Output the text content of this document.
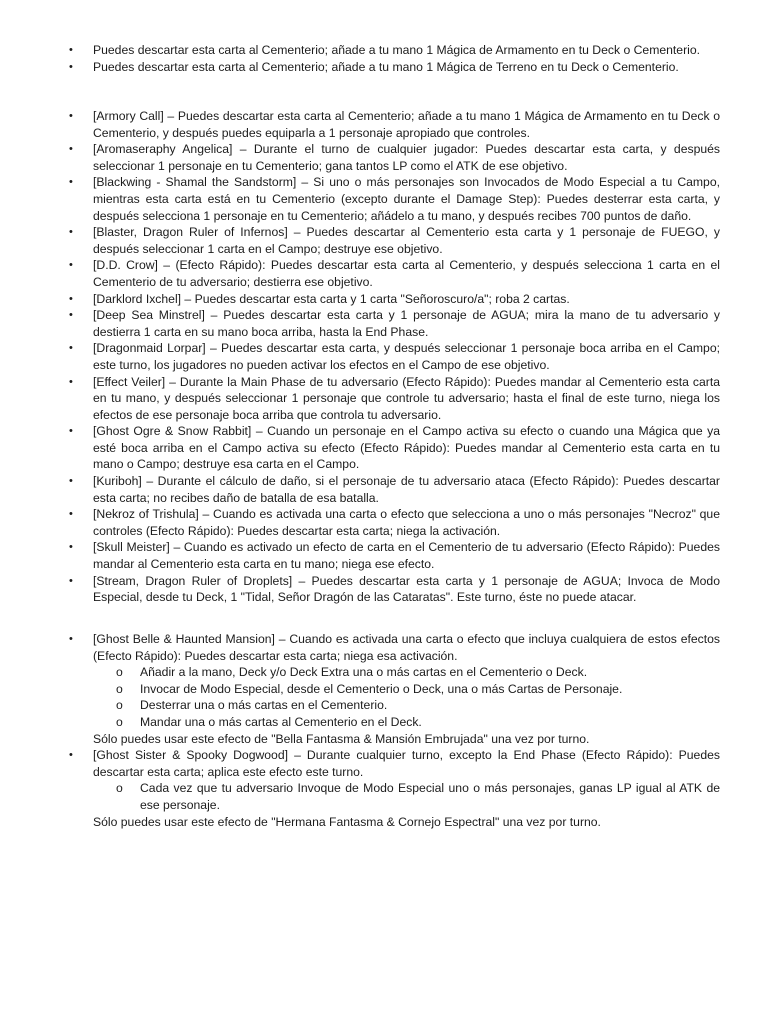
• Puedes descartar esta carta al Cementerio; añade a tu mano 1 Mágica de Armamento en tu Deck o Cementerio.
• Puedes descartar esta carta al Cementerio; añade a tu mano 1 Mágica de Terreno en tu Deck o Cementerio.
• [Armory Call] – Puedes descartar esta carta al Cementerio; añade a tu mano 1 Mágica de Armamento en tu Deck o Cementerio, y después puedes equiparla a 1 personaje apropiado que controles.
• [Aromaseraphy Angelica] – Durante el turno de cualquier jugador: Puedes descartar esta carta, y después seleccionar 1 personaje en tu Cementerio; gana tantos LP como el ATK de ese objetivo.
• [Blackwing - Shamal the Sandstorm] – Si uno o más personajes son Invocados de Modo Especial a tu Campo, mientras esta carta está en tu Cementerio (excepto durante el Damage Step): Puedes desterrar esta carta, y después selecciona 1 personaje en tu Cementerio; añádelo a tu mano, y después recibes 700 puntos de daño.
• [Blaster, Dragon Ruler of Infernos] – Puedes descartar al Cementerio esta carta y 1 personaje de FUEGO, y después seleccionar 1 carta en el Campo; destruye ese objetivo.
• [D.D. Crow] – (Efecto Rápido): Puedes descartar esta carta al Cementerio, y después selecciona 1 carta en el Cementerio de tu adversario; destierra ese objetivo.
• [Darklord Ixchel] – Puedes descartar esta carta y 1 carta "Señoroscuro/a"; roba 2 cartas.
• [Deep Sea Minstrel] – Puedes descartar esta carta y 1 personaje de AGUA; mira la mano de tu adversario y destierra 1 carta en su mano boca arriba, hasta la End Phase.
• [Dragonmaid Lorpar] – Puedes descartar esta carta, y después seleccionar 1 personaje boca arriba en el Campo; este turno, los jugadores no pueden activar los efectos en el Campo de ese objetivo.
• [Effect Veiler] – Durante la Main Phase de tu adversario (Efecto Rápido): Puedes mandar al Cementerio esta carta en tu mano, y después seleccionar 1 personaje que controle tu adversario; hasta el final de este turno, niega los efectos de ese personaje boca arriba que controla tu adversario.
• [Ghost Ogre & Snow Rabbit] – Cuando un personaje en el Campo activa su efecto o cuando una Mágica que ya esté boca arriba en el Campo activa su efecto (Efecto Rápido): Puedes mandar al Cementerio esta carta en tu mano o Campo; destruye esa carta en el Campo.
• [Kuriboh] – Durante el cálculo de daño, si el personaje de tu adversario ataca (Efecto Rápido): Puedes descartar esta carta; no recibes daño de batalla de esa batalla.
• [Nekroz of Trishula] – Cuando es activada una carta o efecto que selecciona a uno o más personajes "Necroz" que controles (Efecto Rápido): Puedes descartar esta carta; niega la activación.
• [Skull Meister] – Cuando es activado un efecto de carta en el Cementerio de tu adversario (Efecto Rápido): Puedes mandar al Cementerio esta carta en tu mano; niega ese efecto.
• [Stream, Dragon Ruler of Droplets] – Puedes descartar esta carta y 1 personaje de AGUA; Invoca de Modo Especial, desde tu Deck, 1 "Tidal, Señor Dragón de las Cataratas". Este turno, éste no puede atacar.
• [Ghost Belle & Haunted Mansion] – Cuando es activada una carta o efecto que incluya cualquiera de estos efectos (Efecto Rápido): Puedes descartar esta carta; niega esa activación.
o Añadir a la mano, Deck y/o Deck Extra una o más cartas en el Cementerio o Deck.
o Invocar de Modo Especial, desde el Cementerio o Deck, una o más Cartas de Personaje.
o Desterrar una o más cartas en el Cementerio.
o Mandar una o más cartas al Cementerio en el Deck.
Sólo puedes usar este efecto de "Bella Fantasma & Mansión Embrujada" una vez por turno.
• [Ghost Sister & Spooky Dogwood] – Durante cualquier turno, excepto la End Phase (Efecto Rápido): Puedes descartar esta carta; aplica este efecto este turno.
o Cada vez que tu adversario Invoque de Modo Especial uno o más personajes, ganas LP igual al ATK de ese personaje.
Sólo puedes usar este efecto de "Hermana Fantasma & Cornejo Espectral" una vez por turno.
